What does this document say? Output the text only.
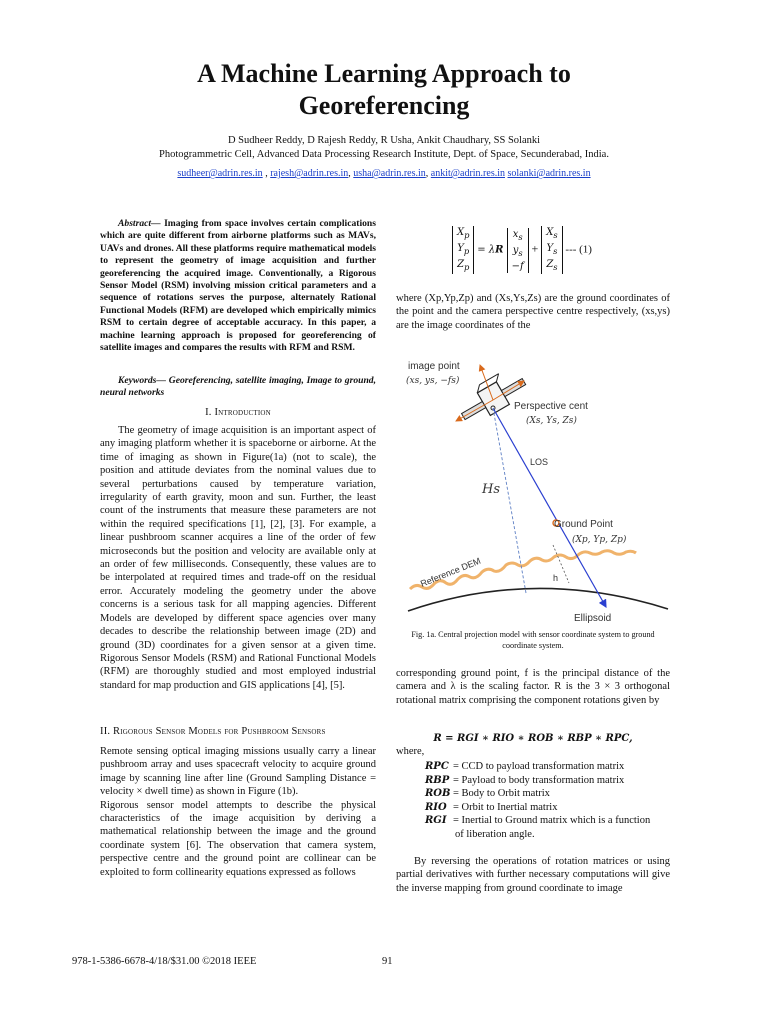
A Machine Learning Approach to
Georeferencing
D Sudheer Reddy, D Rajesh Reddy, R Usha, Ankit Chaudhary, SS Solanki
Photogrammetric Cell, Advanced Data Processing Research Institute, Dept. of Space, Secunderabad, India.
sudheer@adrin.res.in , rajesh@adrin.res.in, usha@adrin.res.in, ankit@adrin.res.in solanki@adrin.res.in

Abstract— Imaging from space involves certain complications which are quite different from airborne platforms such as MAVs, UAVs and drones. All these platforms require mathematical models to represent the geometry of image acquisition and further georeferencing the acquired image. Conventionally, a Rigorous Sensor Model (RSM) involving mission critical parameters and a sequence of rotations serves the purpose, alternately Rational Functional Models (RFM) are developed which empirically mimics RSM to certain degree of acceptable accuracy. In this paper, a machine learning approach is proposed for georeferencing of satellite images and compares the results with RFM and RSM.

Keywords— Georeferencing, satellite imaging, Image to ground, neural networks

I. Introduction

The geometry of image acquisition is an important aspect of any imaging platform whether it is spaceborne or airborne. At the time of imaging as shown in Figure(1a) (not to scale), the position and attitude deviates from the nominal values due to several perturbations caused by temperature variation, irregularity of earth gravity, moon and sun. Further, the least count of the instruments that measure these parameters are not within the required specifications [1], [2], [3]. For example, a linear pushbroom scanner acquires a line of the order of few microseconds but the position and velocity are available only at an order of few milliseconds. Consequently, these values are to be interpolated at required times and trade-off on the residual error. Accurately modeling the geometry under the above concerns is a serious task for all mapping agencies. Different Models are developed by different space agencies over many decades to describe the relationship between image (2D) and ground (3D) coordinates for a given sensor at a given time. Rigorous Sensor Models (RSM) and Rational Functional Models (RFM) are thoroughly studied and most employed industrial standard for map production and GIS applications [4], [5].

II. Rigorous Sensor Models for Pushbroom Sensors

Remote sensing optical imaging missions usually carry a linear pushbroom array and uses spacecraft velocity to acquire ground image by scanning line after line (Ground Sampling Distance = velocity × dwell time) as shown in Figure (1b).

Rigorous sensor model attempts to describe the physical characteristics of the image acquisition by deriving a mathematical relationship between the image and the ground coordinate system [6]. The observation that camera system, perspective centre and the ground point are collinear can be exploited to form collinearity equations expressed as follows

$X_p$
$Y_p$
$Z_p$
= λR
$x_s$
$y_s$
−f
+
$X_s$
$Y_s$
$Z_s$
--- (1)

where (Xp,Yp,Zp) and (Xs,Ys,Zs) are the ground coordinates of the point and the camera perspective centre respectively, (xs,ys) are the image coordinates of the

image point
(xs, ys, −fs)
Perspective cent
(Xs, Ys, Zs)
LOS
Hs
Ground Point
(Xp, Yp, Zp)
Reference DEM	h
Ellipsoid
Fig. 1a. Central projection model with sensor coordinate system to ground coordinate system.

corresponding ground point, f is the principal distance of the camera and λ is the scaling factor. R is the 3 × 3 orthogonal rotational matrix comprising the component rotations given by

R = RGI ∗ RIO ∗ ROB ∗ RBP ∗ RPC,
where,
RPC = CCD to payload transformation matrix
RBP = Payload to body transformation matrix
ROB = Body to Orbit matrix
RIO = Orbit to Inertial matrix
RGI = Inertial to Ground matrix which is a function
of liberation angle.

By reversing the operations of rotation matrices or using partial derivatives with further necessary computations will give the inverse mapping from ground coordinate to image

978-1-5386-6678-4/18/$31.00 ©2018 IEEE	91
